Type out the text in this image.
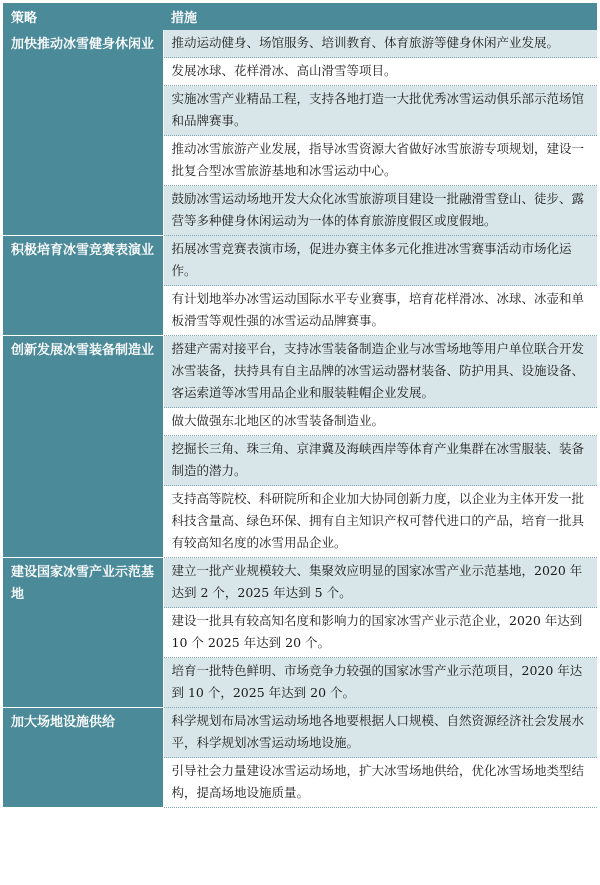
策略	措施
加快推动冰雪健身休闲业	推动运动健身、场馆服务、培训教育、体育旅游等健身休闲产业发展。
	发展冰球、花样滑冰、高山滑雪等项目。
	实施冰雪产业精品工程，支持各地打造一大批优秀冰雪运动俱乐部示范场馆和品牌赛事。
	推动冰雪旅游产业发展，指导冰雪资源大省做好冰雪旅游专项规划，建设一批复合型冰雪旅游基地和冰雪运动中心。
	鼓励冰雪运动场地开发大众化冰雪旅游项目建设一批融滑雪登山、徒步、露营等多种健身休闲运动为一体的体育旅游度假区或度假地。
积极培育冰雪竞赛表演业	拓展冰雪竞赛表演市场，促进办赛主体多元化推进冰雪赛事活动市场化运作。
	有计划地举办冰雪运动国际水平专业赛事，培育花样滑冰、冰球、冰壶和单板滑雪等观性强的冰雪运动品牌赛事。
创新发展冰雪装备制造业	搭建产需对接平台，支持冰雪装备制造企业与冰雪场地等用户单位联合开发冰雪装备，扶持具有自主品牌的冰雪运动器材装备、防护用具、设施设备、客运索道等冰雪用品企业和服装鞋帽企业发展。
	做大做强东北地区的冰雪装备制造业。
	挖掘长三角、珠三角、京津冀及海峡西岸等体育产业集群在冰雪服装、装备制造的潜力。
	支持高等院校、科研院所和企业加大协同创新力度，以企业为主体开发一批科技含量高、绿色环保、拥有自主知识产权可替代进口的产品，培育一批具有较高知名度的冰雪用品企业。
建设国家冰雪产业示范基地	建立一批产业规模较大、集聚效应明显的国家冰雪产业示范基地，2020 年达到 2 个，2025 年达到 5 个。
	建设一批具有较高知名度和影响力的国家冰雪产业示范企业，2020 年达到 10 个 2025 年达到 20 个。
	培育一批特色鲜明、市场竞争力较强的国家冰雪产业示范项目，2020 年达到 10 个，2025 年达到 20 个。
加大场地设施供给	科学规划布局冰雪运动场地各地要根据人口规模、自然资源经济社会发展水平，科学规划冰雪运动场地设施。
	引导社会力量建设冰雪运动场地，扩大冰雪场地供给，优化冰雪场地类型结构，提高场地设施质量。
